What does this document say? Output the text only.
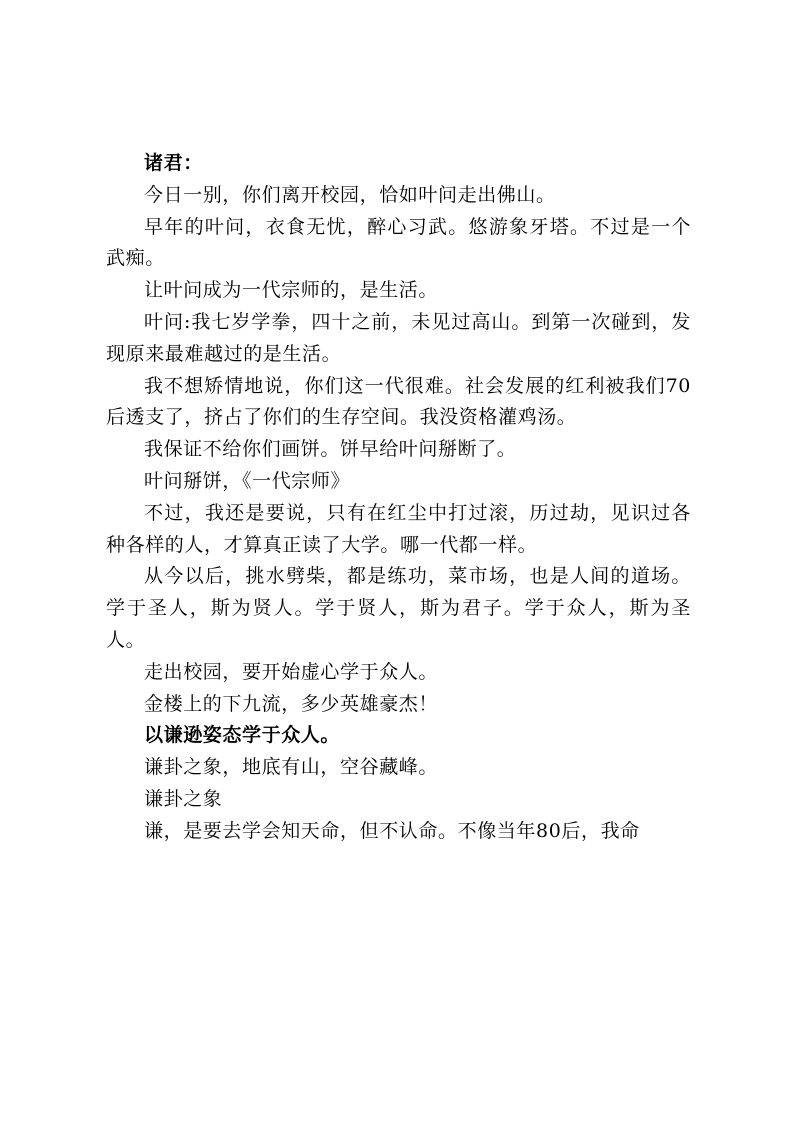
诸君：

今日一别，你们离开校园，恰如叶问走出佛山。

早年的叶问，衣食无忧，醉心习武。悠游象牙塔。不过是一个武痴。

让叶问成为一代宗师的，是生活。

叶问:我七岁学拳，四十之前，未见过高山。到第一次碰到，发现原来最难越过的是生活。

我不想矫情地说，你们这一代很难。社会发展的红利被我们70后透支了，挤占了你们的生存空间。我没资格灌鸡汤。

我保证不给你们画饼。饼早给叶问掰断了。

叶问掰饼，《一代宗师》

不过，我还是要说，只有在红尘中打过滚，历过劫，见识过各种各样的人，才算真正读了大学。哪一代都一样。

从今以后，挑水劈柴，都是练功，菜市场，也是人间的道场。学于圣人，斯为贤人。学于贤人，斯为君子。学于众人，斯为圣人。

走出校园，要开始虚心学于众人。

金楼上的下九流，多少英雄豪杰！

以谦逊姿态学于众人。

谦卦之象，地底有山，空谷藏峰。

谦卦之象

谦，是要去学会知天命，但不认命。不像当年80后，我命
